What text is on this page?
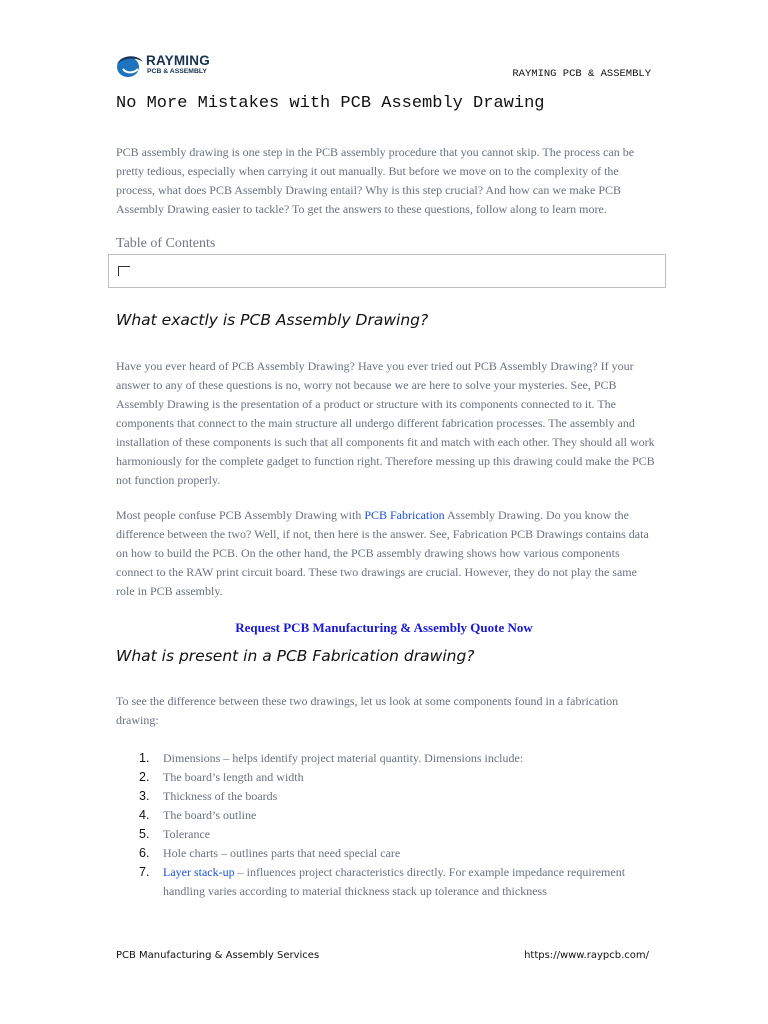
RAYMING
PCB & ASSEMBLY	RAYMING PCB & ASSEMBLY
No More Mistakes with PCB Assembly Drawing

PCB assembly drawing is one step in the PCB assembly procedure that you cannot skip. The process can be pretty tedious, especially when carrying it out manually. But before we move on to the complexity of the process, what does PCB Assembly Drawing entail? Why is this step crucial? And how can we make PCB Assembly Drawing easier to tackle? To get the answers to these questions, follow along to learn more.

Table of Contents
What exactly is PCB Assembly Drawing?

Have you ever heard of PCB Assembly Drawing? Have you ever tried out PCB Assembly Drawing? If your answer to any of these questions is no, worry not because we are here to solve your mysteries. See, PCB Assembly Drawing is the presentation of a product or structure with its components connected to it. The components that connect to the main structure all undergo different fabrication processes. The assembly and installation of these components is such that all components fit and match with each other. They should all work harmoniously for the complete gadget to function right. Therefore messing up this drawing could make the PCB not function properly.

Most people confuse PCB Assembly Drawing with PCB Fabrication Assembly Drawing. Do you know the difference between the two? Well, if not, then here is the answer. See, Fabrication PCB Drawings contains data on how to build the PCB. On the other hand, the PCB assembly drawing shows how various components connect to the RAW print circuit board. These two drawings are crucial. However, they do not play the same role in PCB assembly.

Request PCB Manufacturing & Assembly Quote Now
What is present in a PCB Fabrication drawing?

To see the difference between these two drawings, let us look at some components found in a fabrication drawing:

1. Dimensions – helps identify project material quantity. Dimensions include:
2. The board’s length and width
3. Thickness of the boards
4. The board’s outline
5. Tolerance
6. Hole charts – outlines parts that need special care
7. Layer stack-up – influences project characteristics directly. For example impedance requirement handling varies according to material thickness stack up tolerance and thickness
PCB Manufacturing & Assembly Services	https://www.raypcb.com/
